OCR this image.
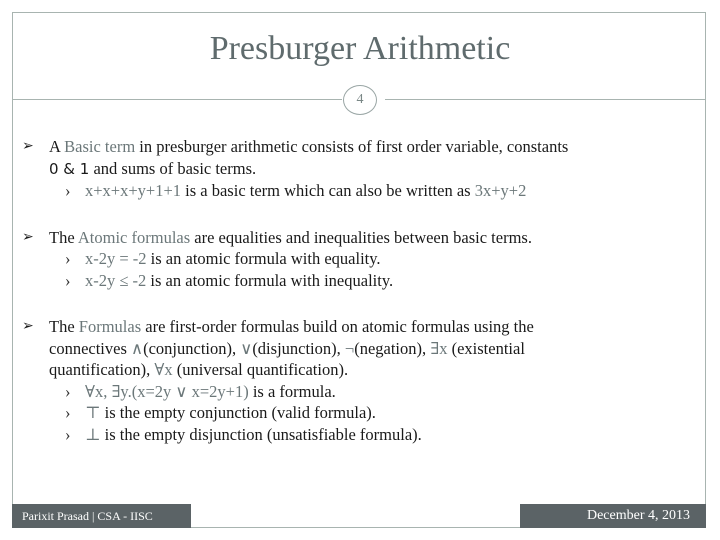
Presburger Arithmetic
4
➢ A Basic term in presburger arithmetic consists of first order variable, constants
0 & 1 and sums of basic terms.
› x+x+x+y+1+1 is a basic term which can also be written as 3x+y+2
➢ The Atomic formulas are equalities and inequalities between basic terms.
› x-2y = -2 is an atomic formula with equality.
› x-2y ≤ -2 is an atomic formula with inequality.
➢ The Formulas are first-order formulas build on atomic formulas using the
connectives ∧(conjunction), ∨(disjunction), ¬(negation), ∃x (existential
quantification), ∀x (universal quantification).
› ∀x, ∃y.(x=2y ∨ x=2y+1) is a formula.
› ⊤ is the empty conjunction (valid formula).
› ⊥ is the empty disjunction (unsatisfiable formula).
Parixit Prasad | CSA - IISC	December 4, 2013
